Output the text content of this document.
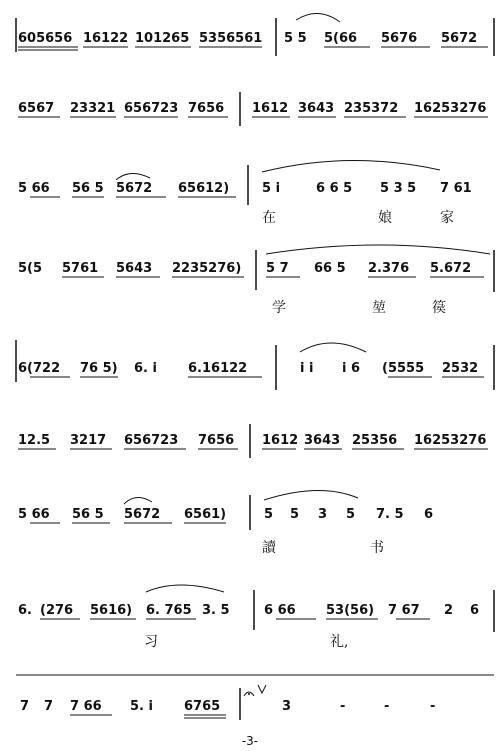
605656 16122 101265 5356561 5 5 5(66 5676 5672
6567 23321 656723 7656 1612 3643 235372 16253276
5 66 56 5 5672 65612)	5 i	6 6 5 5 3 5 7 61
在	娘	家
5(5 5761 5643 2235276) 5 7 66 5 2.376 5.672
学	堃	篌
6(722 76 5) 6. i 6.16122	i i i 6 (5555 2532
12.5 3217 656723 7656 1612 3643 25356 16253276
5 66 56 5 5672 6561)	5 5 3 5 7. 5 6
讀	书
6. (276 5616) 6. 765 3. 5	6 66 53(56) 7 67 2 6
习	礼,
7 7 7 66 5. i 6765	3	-	-	-
-3-
